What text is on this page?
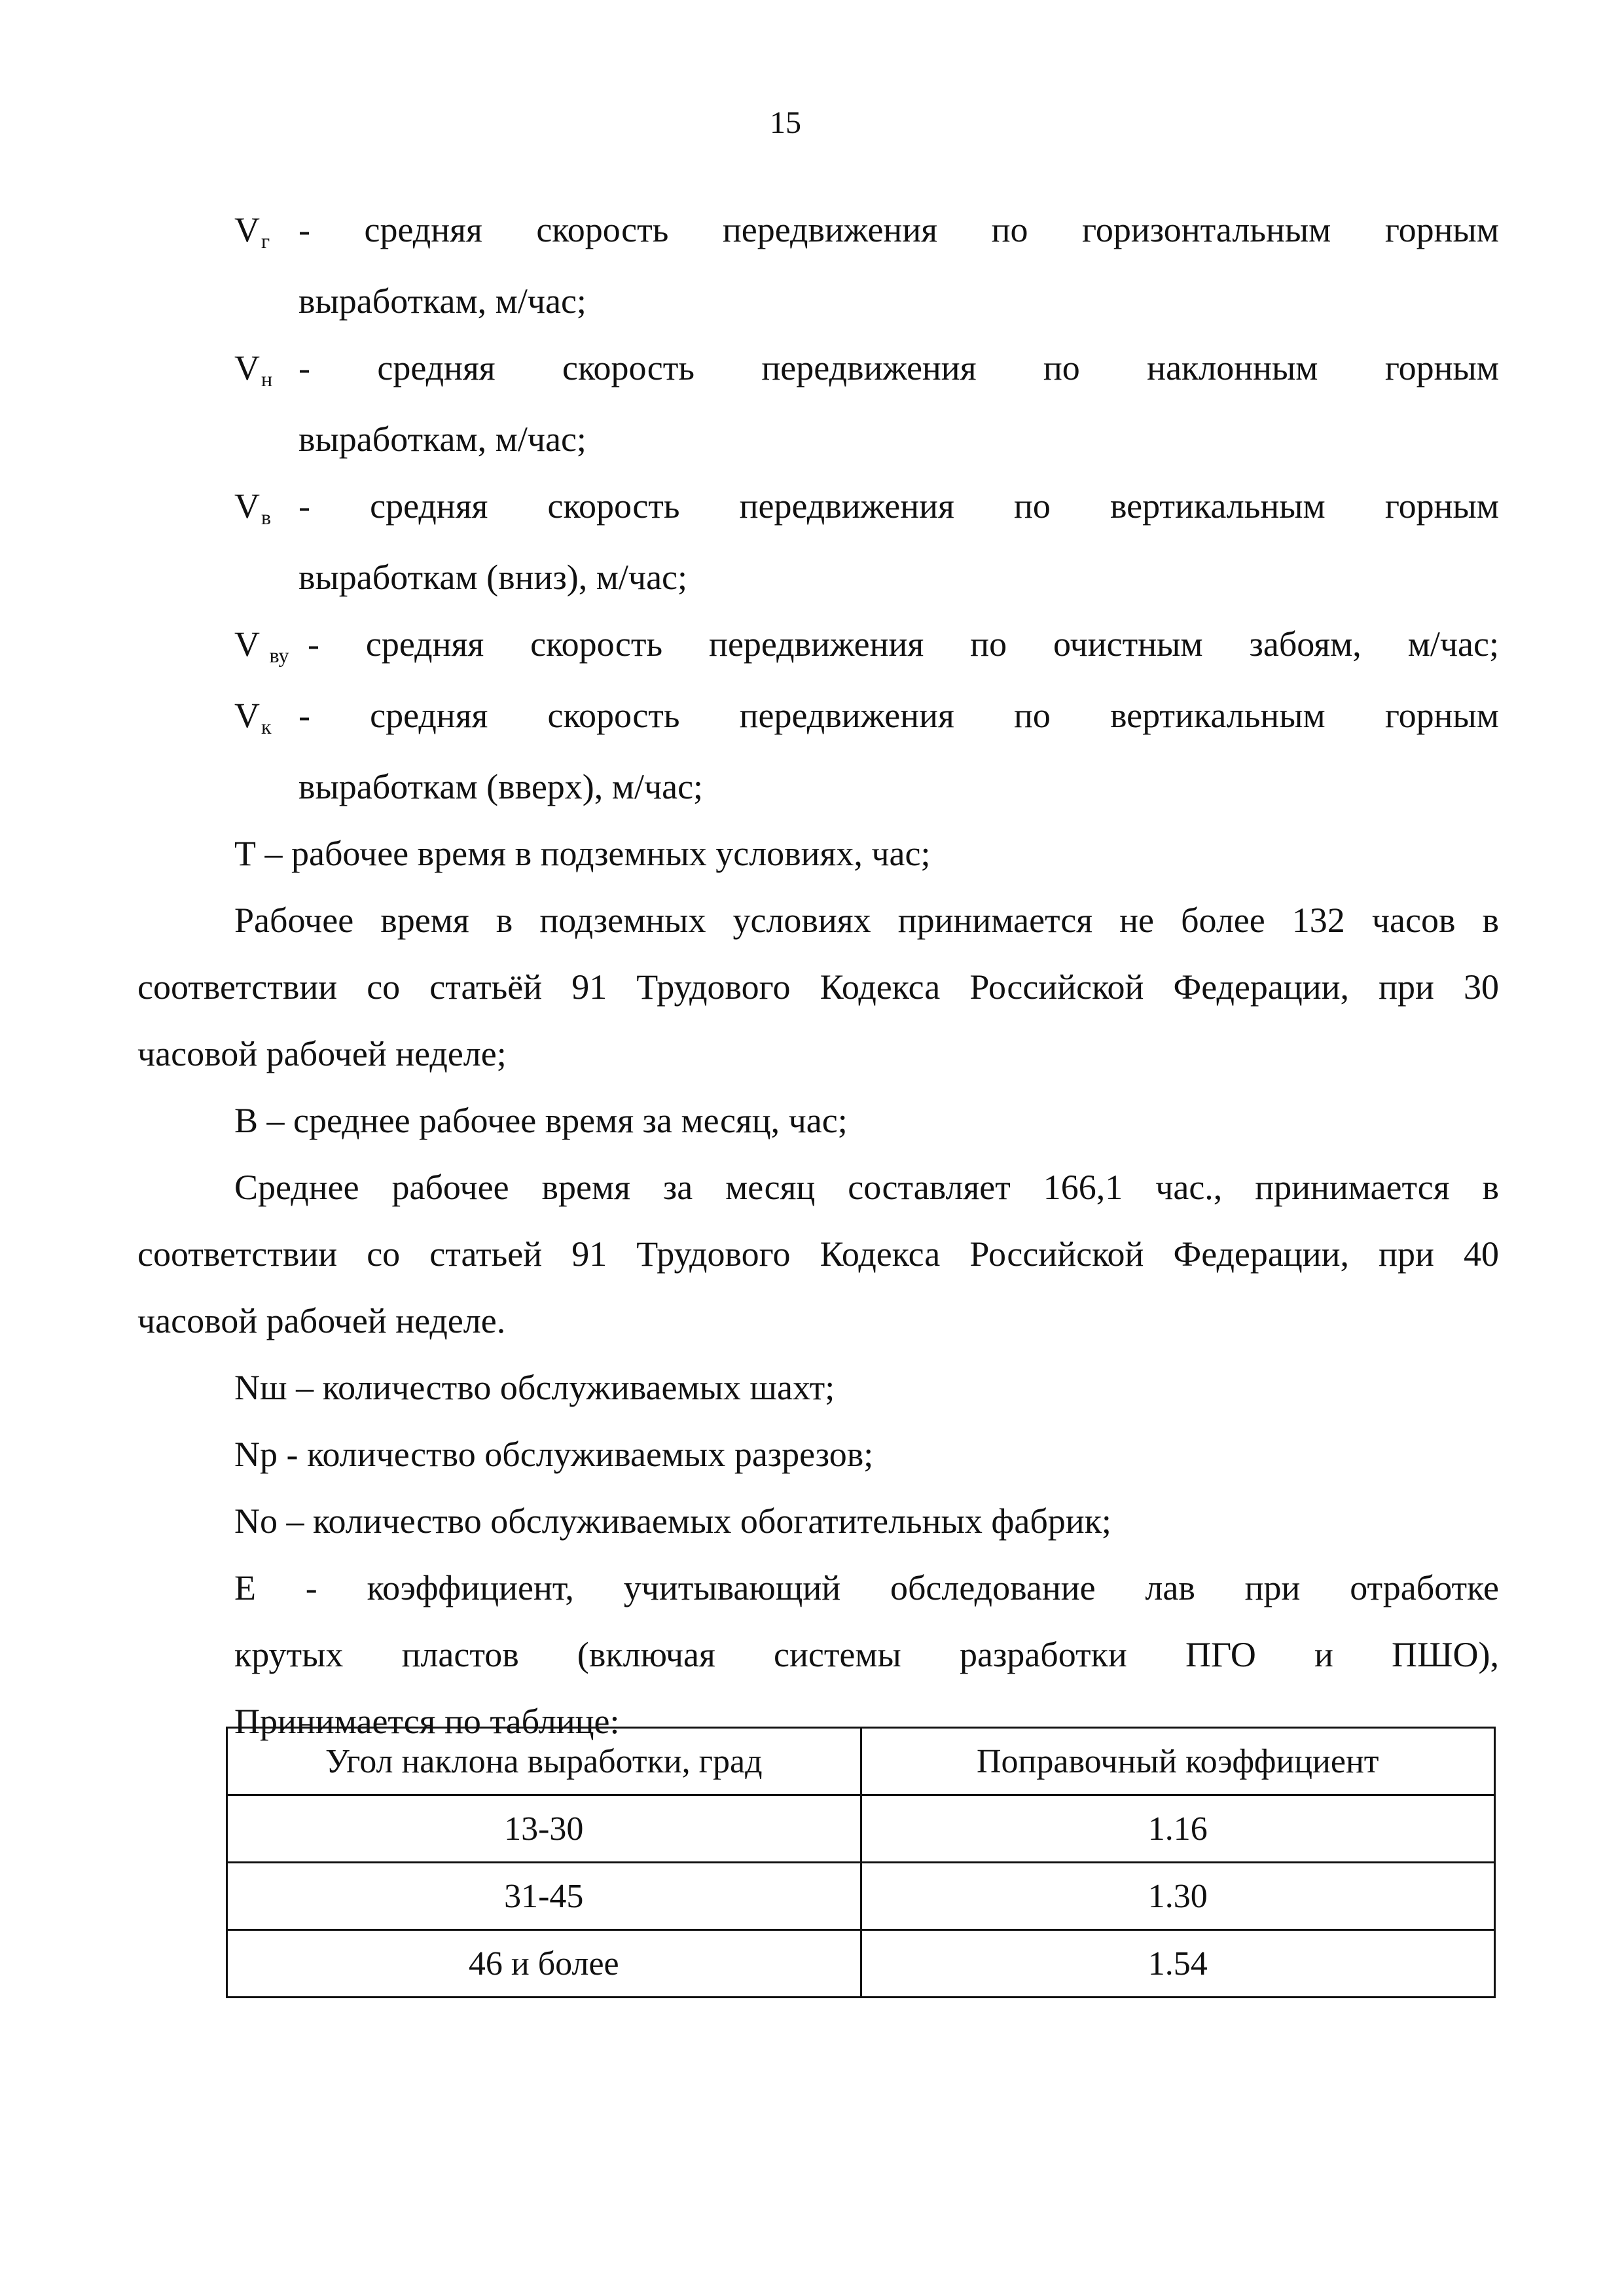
15
Vг - средняя скорость передвижения по горизонтальным горным
выработкам, м/час;
Vн - средняя скорость передвижения по наклонным горным
выработкам, м/час;
Vв - средняя скорость передвижения по вертикальным горным
выработкам (вниз), м/час;
V ву - средняя скорость передвижения по очистным забоям, м/час;
Vк - средняя скорость передвижения по вертикальным горным
выработкам (вверх), м/час;
Т – рабочее время в подземных условиях, час;
Рабочее время в подземных условиях принимается не более 132 часов в
соответствии со статьёй 91 Трудового Кодекса Российской Федерации, при 30
часовой рабочей неделе;
В – среднее рабочее время за месяц, час;
Среднее рабочее время за месяц составляет 166,1 час., принимается в
соответствии со статьей 91 Трудового Кодекса Российской Федерации, при 40
часовой рабочей неделе.
Nш – количество обслуживаемых шахт;
Nр - количество обслуживаемых разрезов;
Nо – количество обслуживаемых обогатительных фабрик;
Е - коэффициент, учитывающий обследование лав при отработке
крутых пластов (включая системы разработки ПГО и ПШО),
Принимается по таблице:
Угол наклона выработки, град	Поправочный коэффициент
13-30	1.16
31-45	1.30
46 и более	1.54
